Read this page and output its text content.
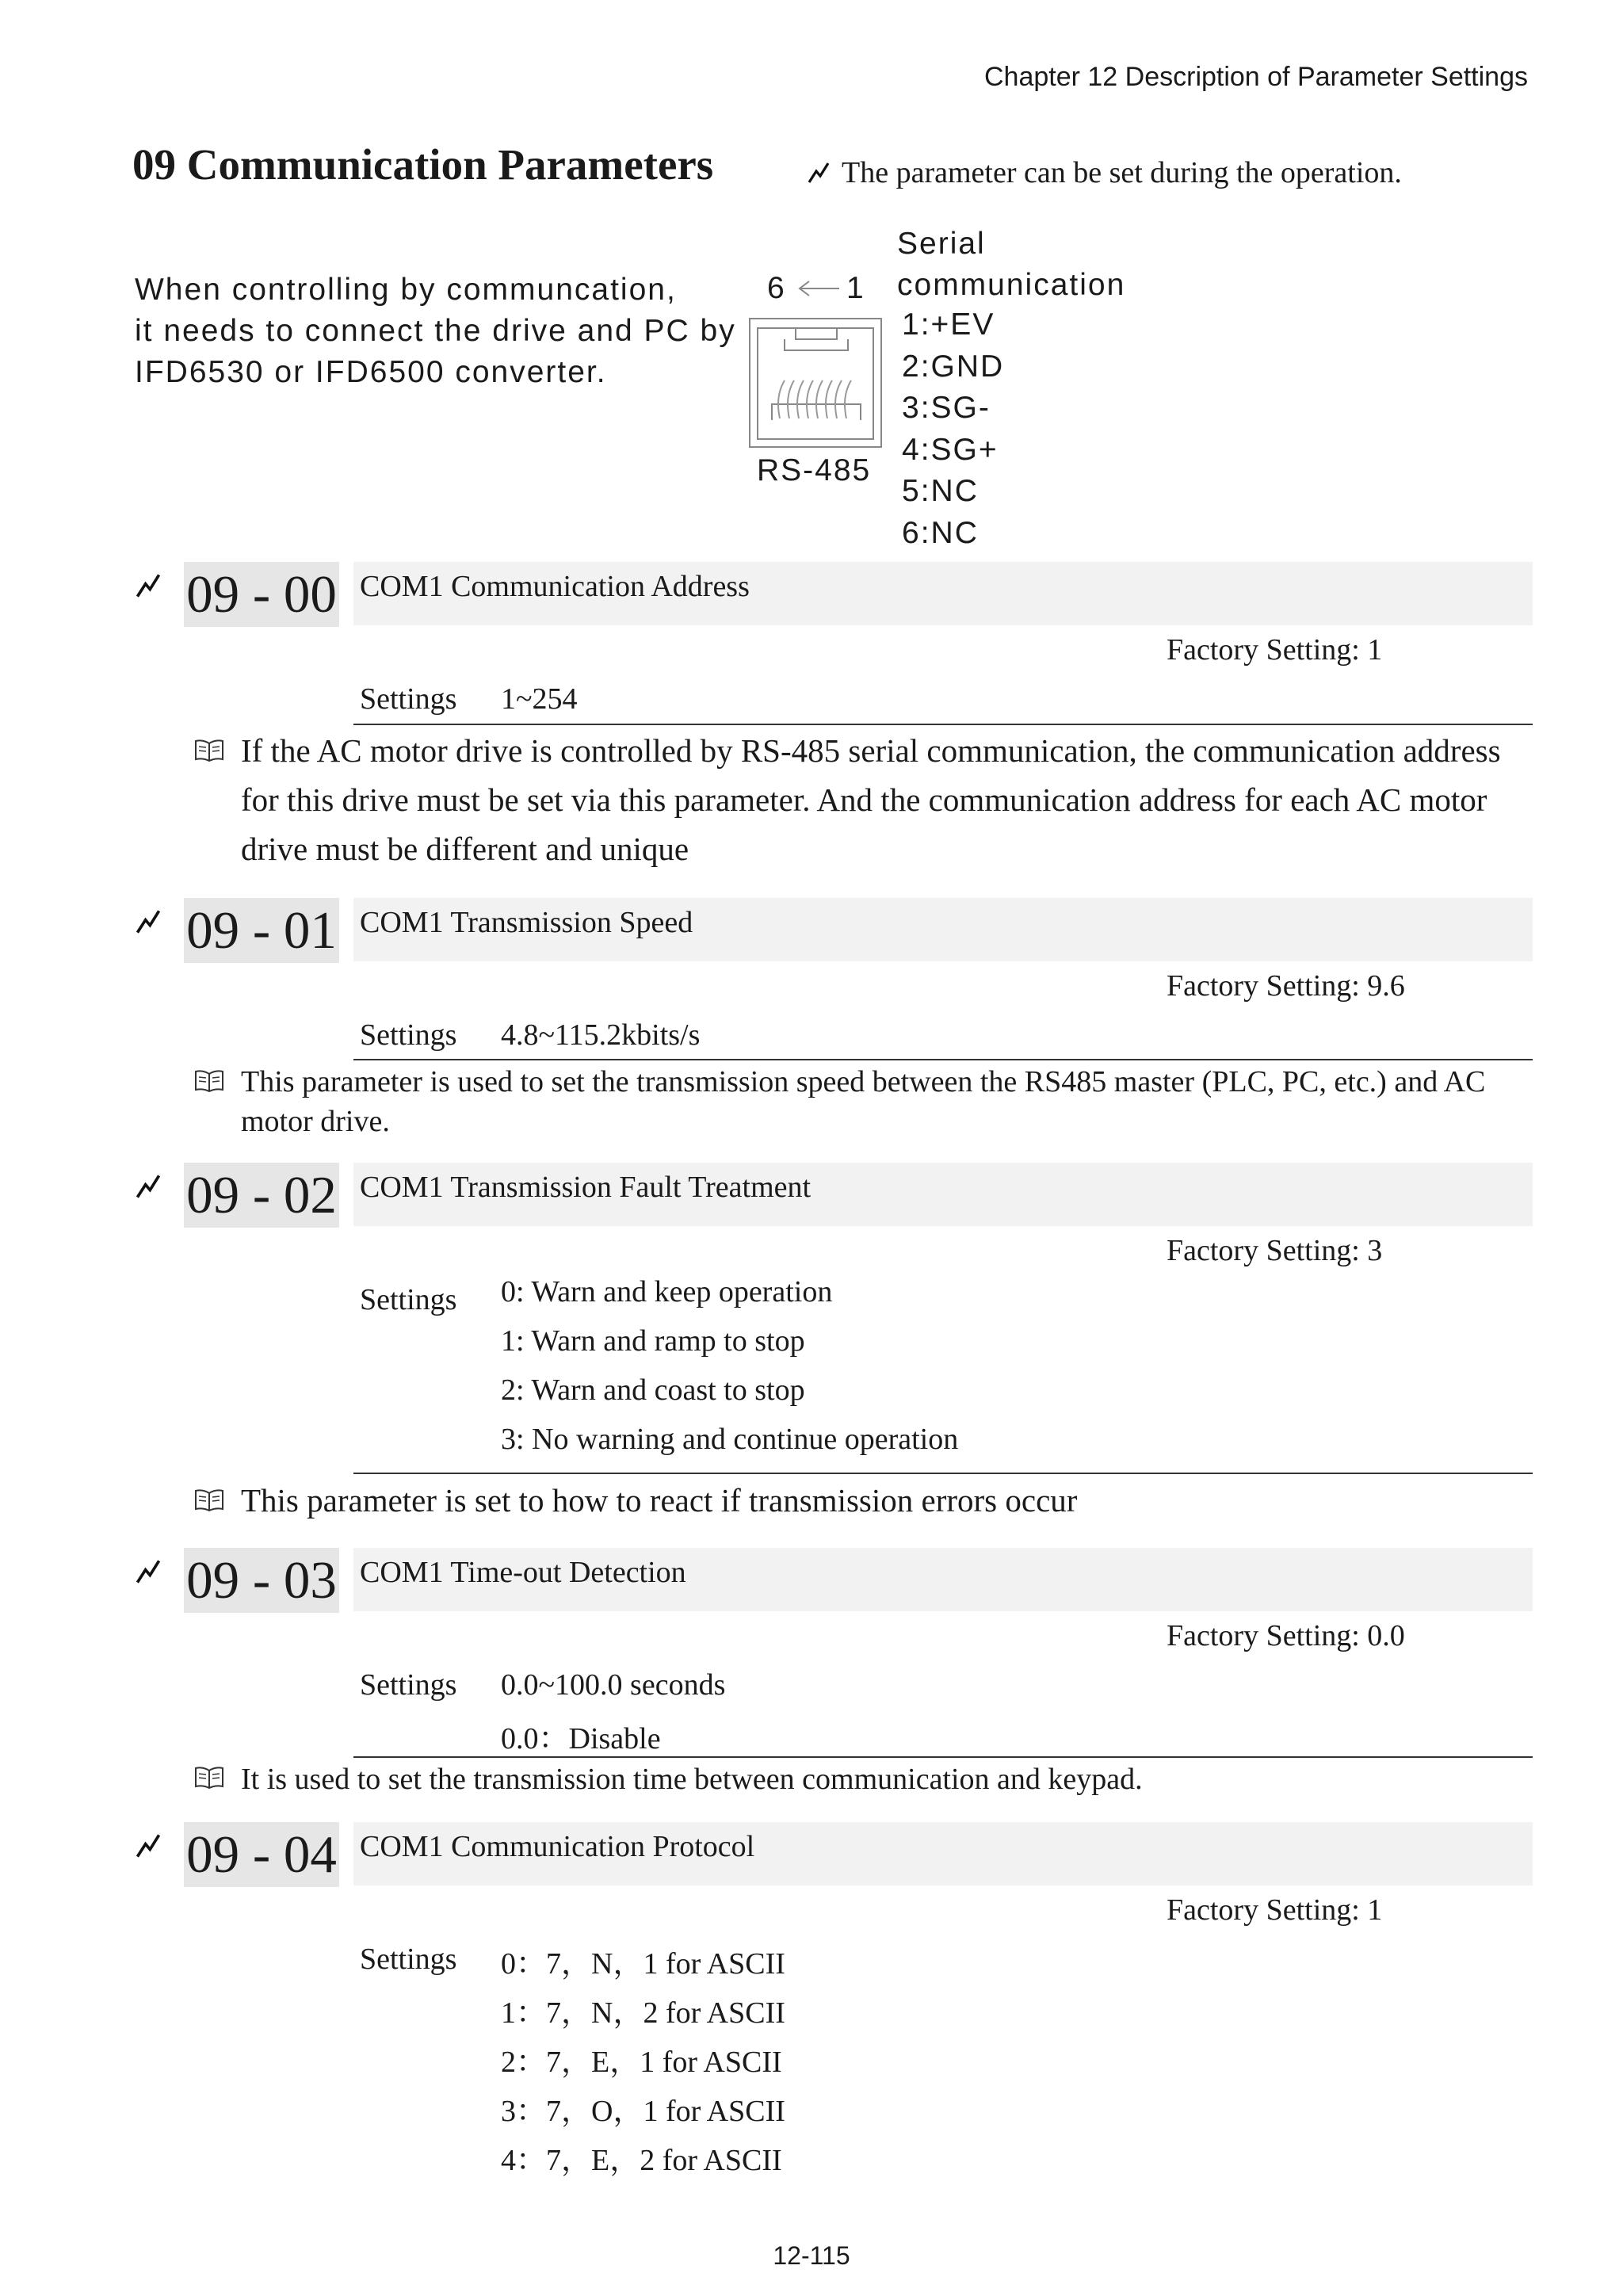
Chapter 12 Description of Parameter Settings
09 Communication Parameters	The parameter can be set during the operation.
When controlling by communcation,
it needs to connect the drive and PC by
IFD6530 or IFD6500 converter.
Serial
communication
6 1
RS-485
1:+EV
2:GND
3:SG-
4:SG+
5:NC
6:NC
09 - 00 COM1 Communication Address
Factory Setting: 1
Settings 1~254
If the AC motor drive is controlled by RS-485 serial communication, the communication address for this drive must be set via this parameter. And the communication address for each AC motor drive must be different and unique
09 - 01 COM1 Transmission Speed
Factory Setting: 9.6
Settings 4.8~115.2kbits/s
This parameter is used to set the transmission speed between the RS485 master (PLC, PC, etc.) and AC motor drive.
09 - 02 COM1 Transmission Fault Treatment
Factory Setting: 3
Settings 0: Warn and keep operation
1: Warn and ramp to stop
2: Warn and coast to stop
3: No warning and continue operation
This parameter is set to how to react if transmission errors occur
09 - 03 COM1 Time-out Detection
Factory Setting: 0.0
Settings 0.0~100.0 seconds
0.0：Disable
It is used to set the transmission time between communication and keypad.
09 - 04 COM1 Communication Protocol
Factory Setting: 1
Settings 0：7，N，1 for ASCII
1：7，N，2 for ASCII
2：7，E，1 for ASCII
3：7，O，1 for ASCII
4：7，E，2 for ASCII
12-115
